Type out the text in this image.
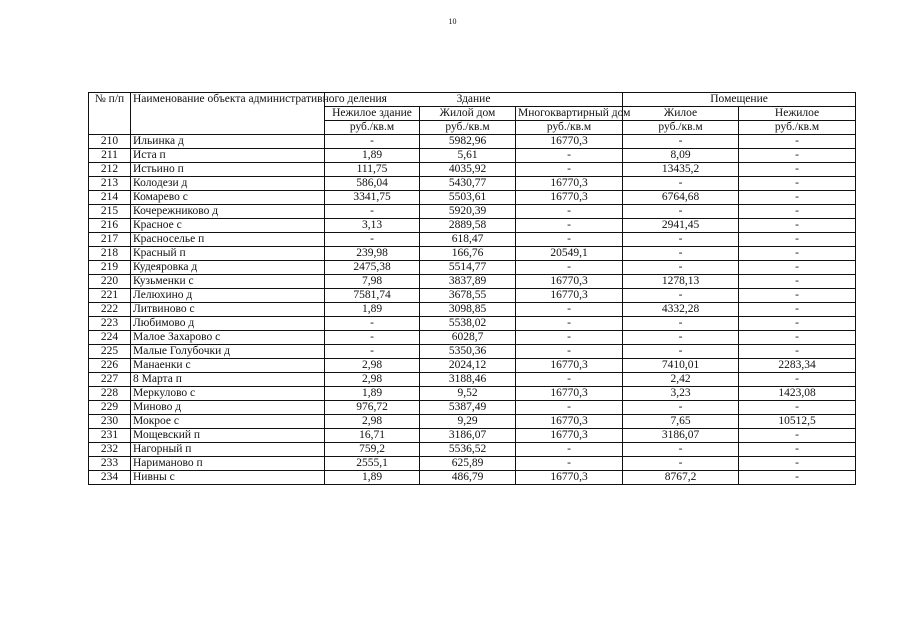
10
№ п/п	Наименование объекта административного деления	Здание			Помещение	
		Нежилое здание	Жилой дом	Многоквартирный дом	Жилое	Нежилое
		руб./кв.м	руб./кв.м	руб./кв.м	руб./кв.м	руб./кв.м
210	Ильинка д	-	5982,96	16770,3	-	-
211	Иста п	1,89	5,61	-	8,09	-
212	Истьино п	111,75	4035,92	-	13435,2	-
213	Колодези д	586,04	5430,77	16770,3	-	-
214	Комарево с	3341,75	5503,61	16770,3	6764,68	-
215	Кочережниково д	-	5920,39	-	-	-
216	Красное с	3,13	2889,58	-	2941,45	-
217	Красноселье п	-	618,47	-	-	-
218	Красный п	239,98	166,76	20549,1	-	-
219	Кудеяровка д	2475,38	5514,77	-	-	-
220	Кузьменки с	7,98	3837,89	16770,3	1278,13	-
221	Лелюхино д	7581,74	3678,55	16770,3	-	-
222	Литвиново с	1,89	3098,85	-	4332,28	-
223	Любимово д	-	5538,02	-	-	-
224	Малое Захарово с	-	6028,7	-	-	-
225	Малые Голубочки д	-	5350,36	-	-	-
226	Манаенки с	2,98	2024,12	16770,3	7410,01	2283,34
227	8 Марта п	2,98	3188,46	-	2,42	-
228	Меркулово с	1,89	9,52	16770,3	3,23	1423,08
229	Миново д	976,72	5387,49	-	-	-
230	Мокрое с	2,98	9,29	16770,3	7,65	10512,5
231	Мощевский п	16,71	3186,07	16770,3	3186,07	-
232	Нагорный п	759,2	5536,52	-	-	-
233	Нариманово п	2555,1	625,89	-	-	-
234	Нивны с	1,89	486,79	16770,3	8767,2	-
